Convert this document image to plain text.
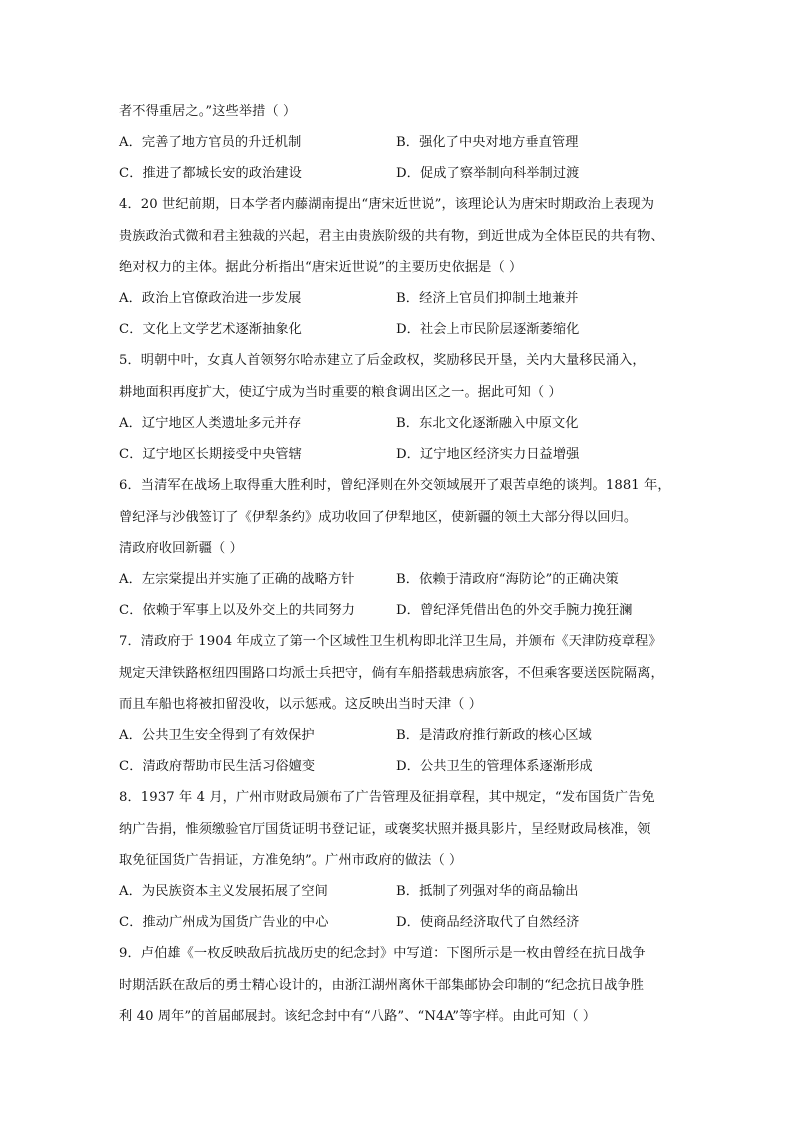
者不得重居之。”这些举措（ ）
A．完善了地方官员的升迁机制	B．强化了中央对地方垂直管理
C．推进了都城长安的政治建设	D．促成了察举制向科举制过渡
4．20 世纪前期，日本学者内藤湖南提出“唐宋近世说”，该理论认为唐宋时期政治上表现为
贵族政治式微和君主独裁的兴起，君主由贵族阶级的共有物，到近世成为全体臣民的共有物、
绝对权力的主体。据此分析指出“唐宋近世说”的主要历史依据是（ ）
A．政治上官僚政治进一步发展	B．经济上官员们抑制土地兼并
C．文化上文学艺术逐渐抽象化	D．社会上市民阶层逐渐萎缩化
5．明朝中叶，女真人首领努尔哈赤建立了后金政权，奖励移民开垦，关内大量移民涌入，
耕地面积再度扩大，使辽宁成为当时重要的粮食调出区之一。据此可知（ ）
A．辽宁地区人类遗址多元并存	B．东北文化逐渐融入中原文化
C．辽宁地区长期接受中央管辖	D．辽宁地区经济实力日益增强
6．当清军在战场上取得重大胜利时，曾纪泽则在外交领域展开了艰苦卓绝的谈判。1881 年，
曾纪泽与沙俄签订了《伊犁条约》成功收回了伊犁地区，使新疆的领土大部分得以回归。
清政府收回新疆（ ）
A．左宗棠提出并实施了正确的战略方针	B．依赖于清政府“海防论”的正确决策
C．依赖于军事上以及外交上的共同努力	D．曾纪泽凭借出色的外交手腕力挽狂澜
7．清政府于 1904 年成立了第一个区域性卫生机构即北洋卫生局，并颁布《天津防疫章程》
规定天津铁路枢纽四围路口均派士兵把守，倘有车船搭载患病旅客，不但乘客要送医院隔离，
而且车船也将被扣留没收，以示惩戒。这反映出当时天津（ ）
A．公共卫生安全得到了有效保护	B．是清政府推行新政的核心区域
C．清政府帮助市民生活习俗嬗变	D．公共卫生的管理体系逐渐形成
8．1937 年 4 月，广州市财政局颁布了广告管理及征捐章程，其中规定，“发布国货广告免
纳广告捐，惟须缴验官厅国货证明书登记证，或褒奖状照并摄具影片，呈经财政局核准，领
取免征国货广告捐证，方准免纳”。广州市政府的做法（ ）
A．为民族资本主义发展拓展了空间	B．抵制了列强对华的商品输出
C．推动广州成为国货广告业的中心	D．使商品经济取代了自然经济
9．卢伯雄《一枚反映敌后抗战历史的纪念封》中写道：下图所示是一枚由曾经在抗日战争
时期活跃在敌后的勇士精心设计的，由浙江湖州离休干部集邮协会印制的“纪念抗日战争胜
利 40 周年”的首届邮展封。该纪念封中有“八路”、“N4A”等字样。由此可知（ ）
